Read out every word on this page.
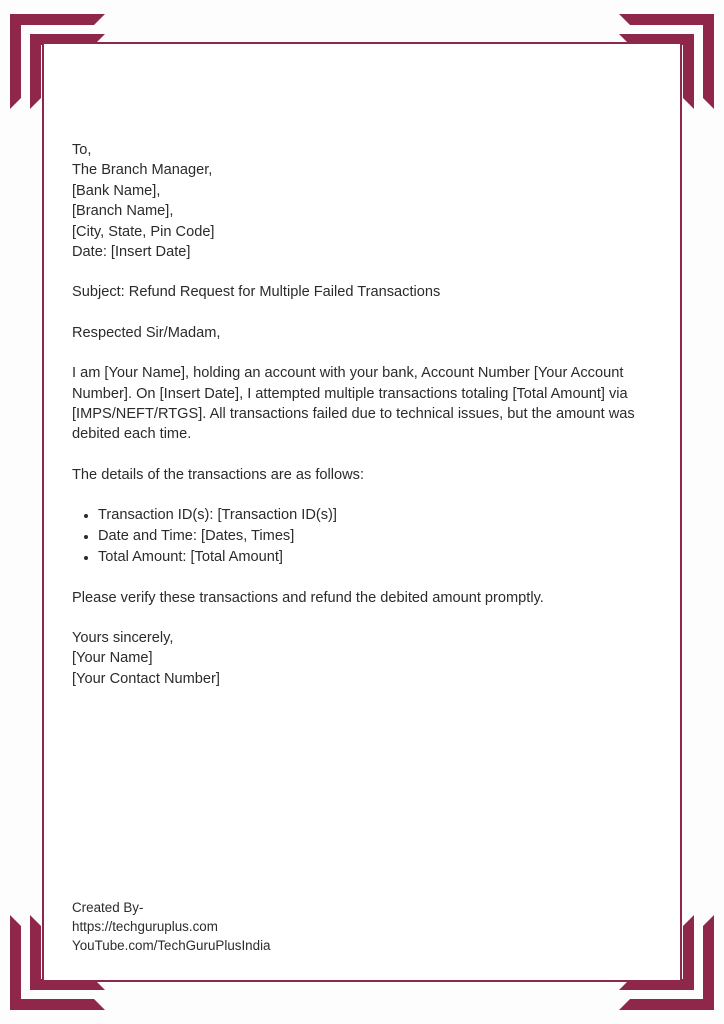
To,
The Branch Manager,
[Bank Name],
[Branch Name],
[City, State, Pin Code]
Date: [Insert Date]
Subject: Refund Request for Multiple Failed Transactions
Respected Sir/Madam,
I am [Your Name], holding an account with your bank, Account Number [Your Account Number]. On [Insert Date], I attempted multiple transactions totaling [Total Amount] via [IMPS/NEFT/RTGS]. All transactions failed due to technical issues, but the amount was debited each time.
The details of the transactions are as follows:
Transaction ID(s): [Transaction ID(s)]
Date and Time: [Dates, Times]
Total Amount: [Total Amount]
Please verify these transactions and refund the debited amount promptly.
Yours sincerely,
[Your Name]
[Your Contact Number]
Created By-
https://techguruplus.com
YouTube.com/TechGuruPlusIndia
